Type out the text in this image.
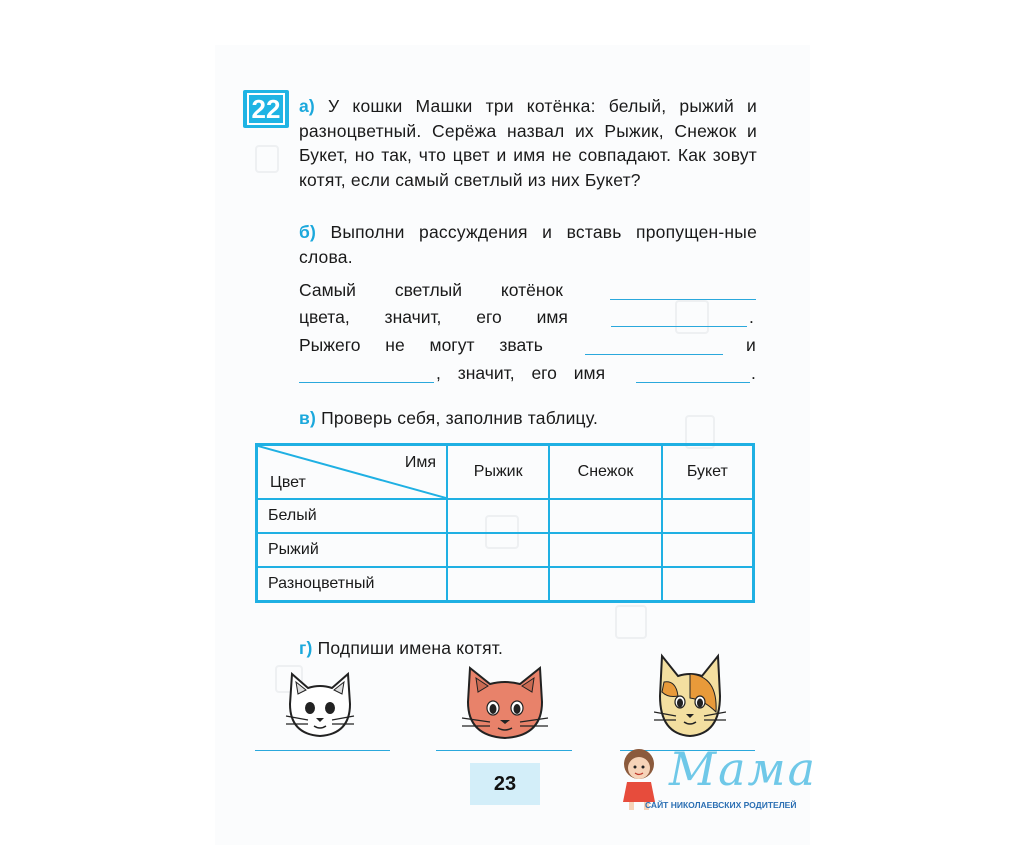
22 а) У кошки Машки три котёнка: белый, рыжий и разноцветный. Серёжа назвал их Рыжик, Снежок и Букет, но так, что цвет и имя не совпадают. Как зовут котят, если самый светлый из них Букет?
б) Выполни рассуждения и вставь пропущен-ные слова.
Самый светлый котёнок
цвета, значит, его имя	.
Рыжего не могут звать	и
, значит, его имя	.
в) Проверь себя, заполнив таблицу.
Имя
Цвет	Рыжик	Снежок	Букет
Белый			
Рыжий			
Разноцветный			
г) Подпиши имена котят.
23	Мама
САЙТ НИКОЛАЕВСКИХ РОДИТЕЛЕЙ
